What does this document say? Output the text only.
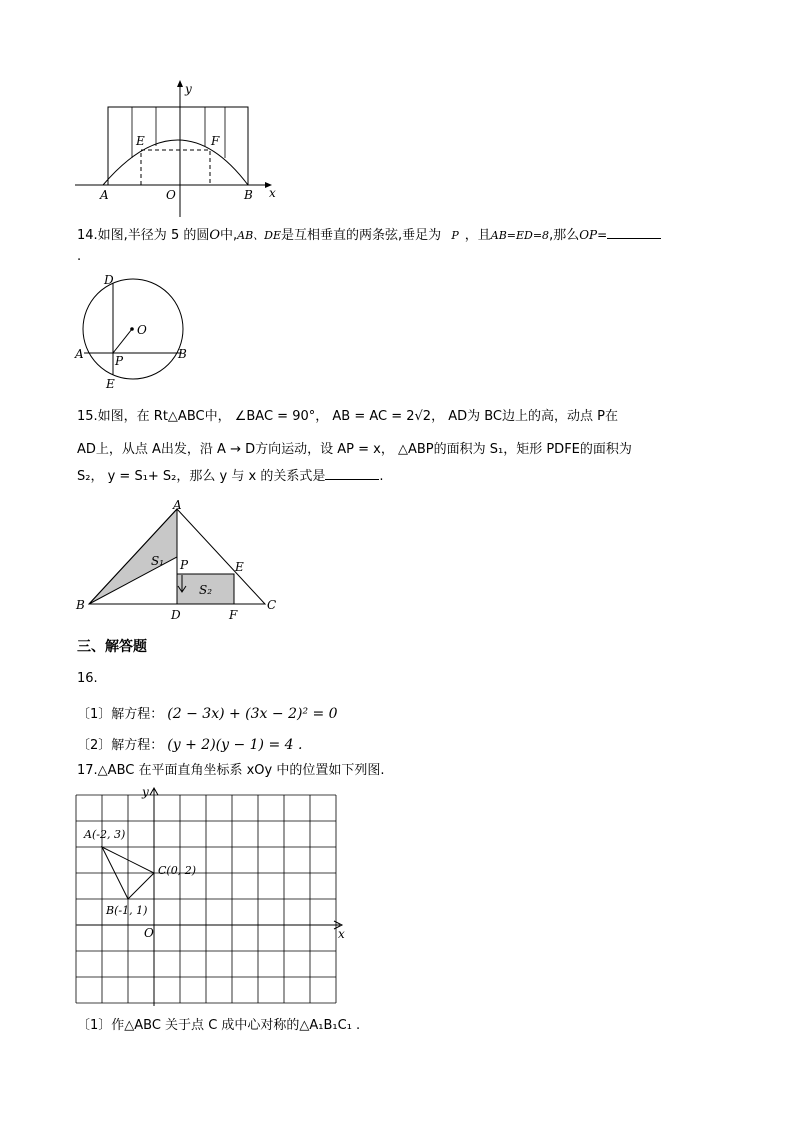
y
x
E	F
A	O	B
14.如图,半径为 5 的圆O中,AB、DE是互相垂直的两条弦,垂足为 P ，且AB=ED=8,那么OP=
.
D
O
A	B
P
E
15.如图，在 Rt△ABC中， ∠BAC = 90°， AB = AC = 2√2， AD为 BC边上的高，动点 P在
AD上，从点 A出发，沿 A → D方向运动，设 AP = x， △ABP的面积为 S₁，矩形 PDFE的面积为
S₂， y = S₁+ S₂，那么 y 与 x 的关系式是	.
A
S₁ P	E
S₂
B
D	F
C
三、解答题
16.
〔1〕解方程： (2 − 3x) + (3x − 2)² = 0
〔2〕解方程： (y + 2)(y − 1) = 4 .
17.△ABC 在平面直角坐标系 xOy 中的位置如下列图.
y
x
O
A(-2, 3)
C(0, 2)
B(-1, 1)
〔1〕作△ABC 关于点 C 成中心对称的△A₁B₁C₁ .
